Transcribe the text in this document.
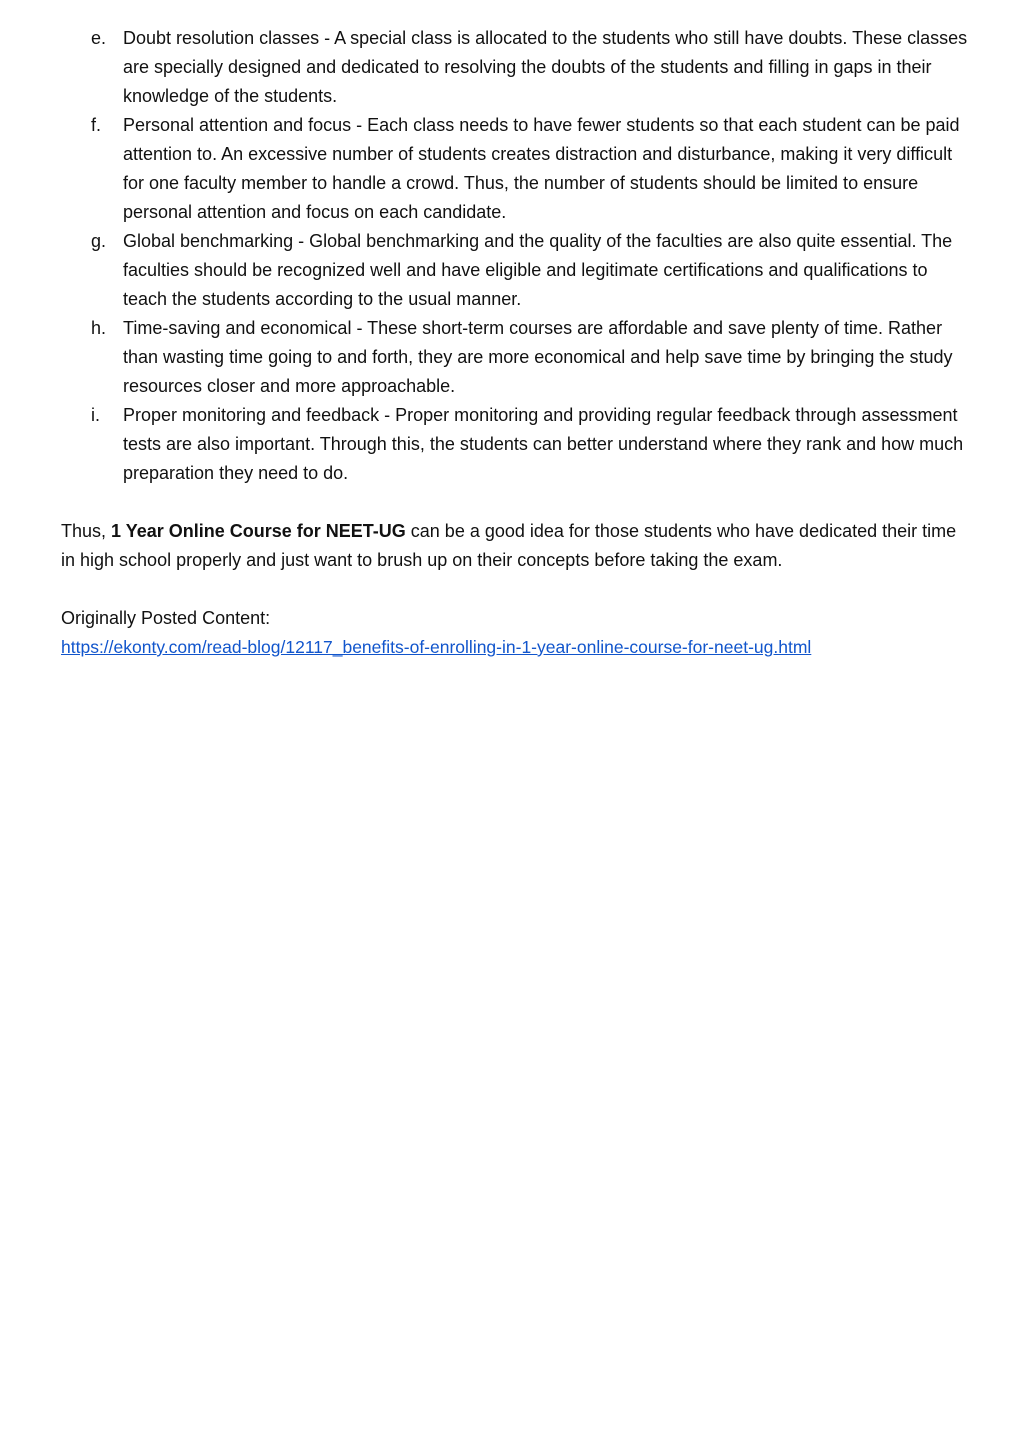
e. Doubt resolution classes - A special class is allocated to the students who still have doubts. These classes are specially designed and dedicated to resolving the doubts of the students and filling in gaps in their knowledge of the students.
f.	Personal attention and focus - Each class needs to have fewer students so that each student can be paid attention to. An excessive number of students creates distraction and disturbance, making it very difficult for one faculty member to handle a crowd. Thus, the number of students should be limited to ensure personal attention and focus on each candidate.
g. Global benchmarking - Global benchmarking and the quality of the faculties are also quite essential. The faculties should be recognized well and have eligible and legitimate certifications and qualifications to teach the students according to the usual manner.
h. Time-saving and economical - These short-term courses are affordable and save plenty of time. Rather than wasting time going to and forth, they are more economical and help save time by bringing the study resources closer and more approachable.
i.	Proper monitoring and feedback - Proper monitoring and providing regular feedback through assessment tests are also important. Through this, the students can better understand where they rank and how much preparation they need to do.

Thus, 1 Year Online Course for NEET-UG can be a good idea for those students who have dedicated their time in high school properly and just want to brush up on their concepts before taking the exam.

Originally Posted Content:
https://ekonty.com/read-blog/12117_benefits-of-enrolling-in-1-year-online-course-for-neet-ug.html
